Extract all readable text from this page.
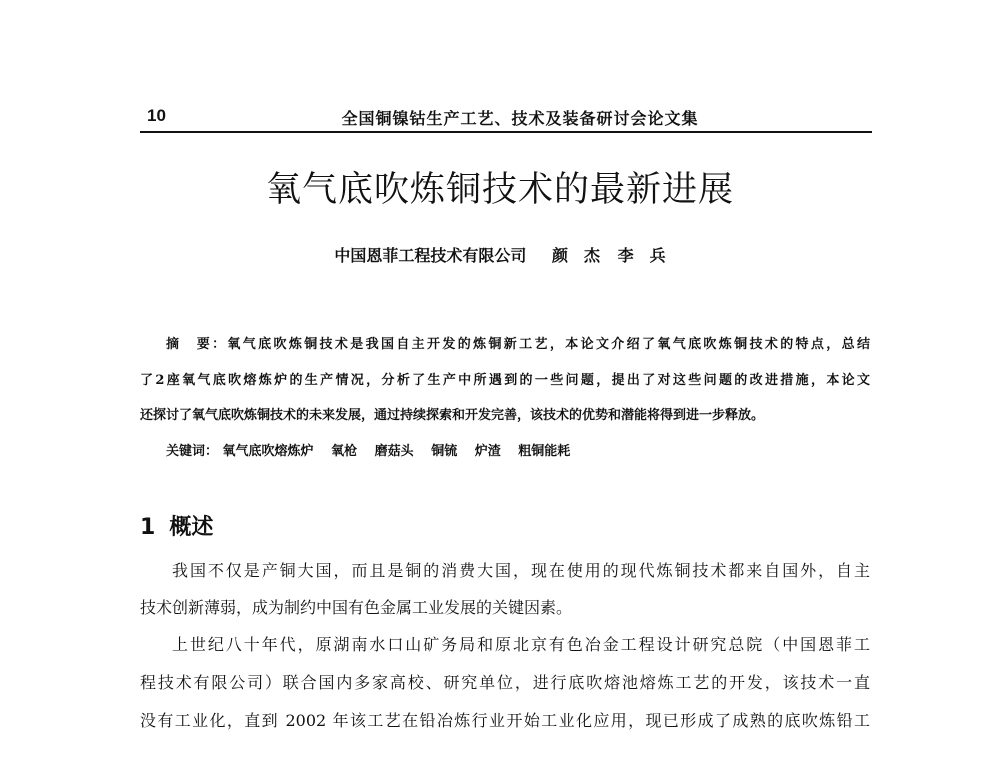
10	全国铜镍钴生产工艺、技术及装备研讨会论文集
氧气底吹炼铜技术的最新进展
中国恩菲工程技术有限公司 颜　杰 李　兵
摘　要：氧气底吹炼铜技术是我国自主开发的炼铜新工艺，本论文介绍了氧气底吹炼铜技术的特点，总结
了2座氧气底吹熔炼炉的生产情况，分析了生产中所遇到的一些问题，提出了对这些问题的改进措施，本论文
还探讨了氧气底吹炼铜技术的未来发展，通过持续探索和开发完善，该技术的优势和潜能将得到进一步释放。
关键词： 氧气底吹熔炼炉  氧枪  磨菇头  铜锍  炉渣  粗铜能耗
1 概述
我国不仅是产铜大国，而且是铜的消费大国，现在使用的现代炼铜技术都来自国外，自主
技术创新薄弱，成为制约中国有色金属工业发展的关键因素。
上世纪八十年代，原湖南水口山矿务局和原北京有色冶金工程设计研究总院（中国恩菲工
程技术有限公司）联合国内多家高校、研究单位，进行底吹熔池熔炼工艺的开发，该技术一直
没有工业化，直到 2002 年该工艺在铅冶炼行业开始工业化应用，现已形成了成熟的底吹炼铅工
